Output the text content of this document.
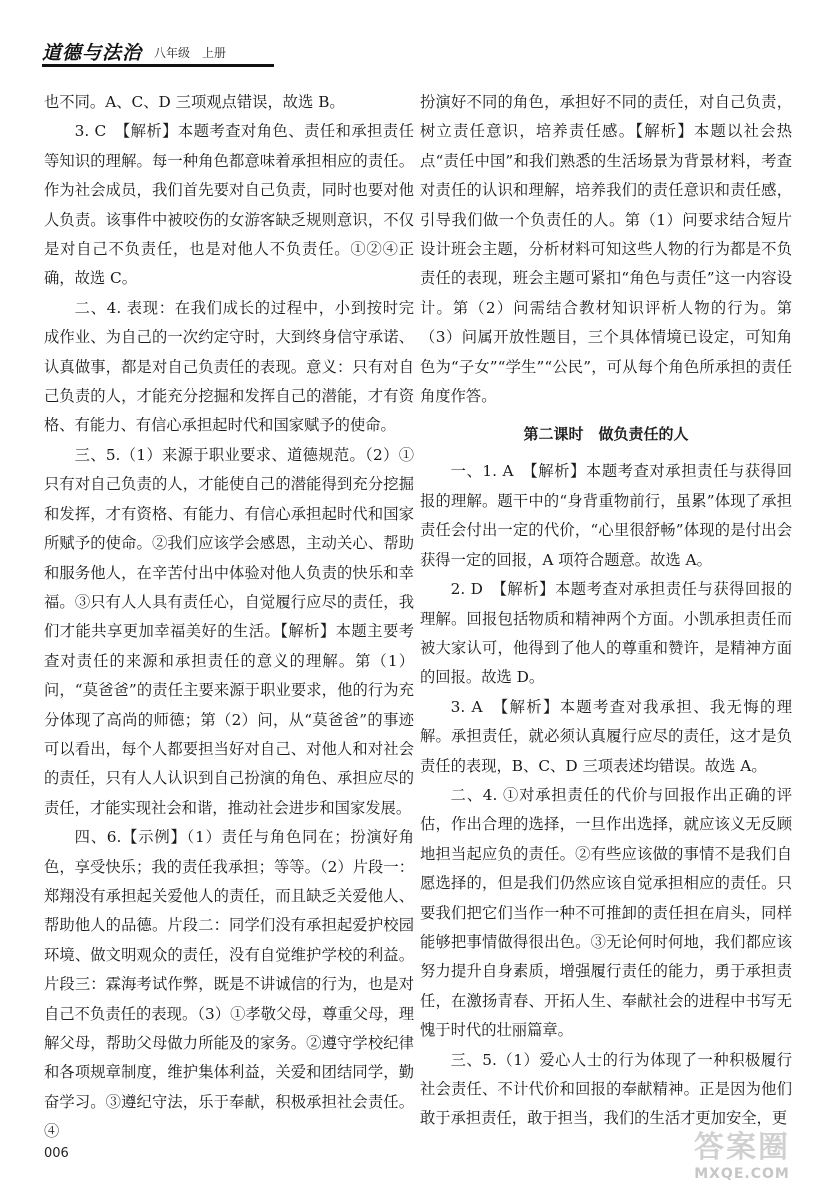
道德与法治 八年级　上册

也不同。A、C、D 三项观点错误，故选 B。

3. C　【解析】本题考查对角色、责任和承担责任等知识的理解。每一种角色都意味着承担相应的责任。作为社会成员，我们首先要对自己负责，同时也要对他人负责。该事件中被咬伤的女游客缺乏规则意识，不仅是对自己不负责任，也是对他人不负责任。①②④正确，故选 C。

二、4. 表现：在我们成长的过程中，小到按时完成作业、为自己的一次约定守时，大到终身信守承诺、认真做事，都是对自己负责任的表现。意义：只有对自己负责的人，才能充分挖掘和发挥自己的潜能，才有资格、有能力、有信心承担起时代和国家赋予的使命。

三、5.（1）来源于职业要求、道德规范。（2）①只有对自己负责的人，才能使自己的潜能得到充分挖掘和发挥，才有资格、有能力、有信心承担起时代和国家所赋予的使命。②我们应该学会感恩，主动关心、帮助和服务他人，在辛苦付出中体验对他人负责的快乐和幸福。③只有人人具有责任心，自觉履行应尽的责任，我们才能共享更加幸福美好的生活。【解析】本题主要考查对责任的来源和承担责任的意义的理解。第（1）问，“莫爸爸”的责任主要来源于职业要求，他的行为充分体现了高尚的师德；第（2）问，从“莫爸爸”的事迹可以看出，每个人都要担当好对自己、对他人和对社会的责任，只有人人认识到自己扮演的角色、承担应尽的责任，才能实现社会和谐，推动社会进步和国家发展。

四、6.【示例】（1）责任与角色同在；扮演好角色，享受快乐；我的责任我承担；等等。（2）片段一：郑翔没有承担起关爱他人的责任，而且缺乏关爱他人、帮助他人的品德。片段二：同学们没有承担起爱护校园环境、做文明观众的责任，没有自觉维护学校的利益。片段三：霖海考试作弊，既是不讲诚信的行为，也是对自己不负责任的表现。（3）①孝敬父母，尊重父母，理解父母，帮助父母做力所能及的家务。②遵守学校纪律和各项规章制度，维护集体利益，关爱和团结同学，勤奋学习。③遵纪守法，乐于奉献，积极承担社会责任。④

扮演好不同的角色，承担好不同的责任，对自己负责，树立责任意识，培养责任感。【解析】本题以社会热点“责任中国”和我们熟悉的生活场景为背景材料，考查对责任的认识和理解，培养我们的责任意识和责任感，引导我们做一个负责任的人。第（1）问要求结合短片设计班会主题，分析材料可知这些人物的行为都是不负责任的表现，班会主题可紧扣“角色与责任”这一内容设计。第（2）问需结合教材知识评析人物的行为。第（3）问属开放性题目，三个具体情境已设定，可知角色为“子女”“学生”“公民”，可从每个角色所承担的责任角度作答。

第二课时　做负责任的人

一、1. A　【解析】本题考查对承担责任与获得回报的理解。题干中的“身背重物前行，虽累”体现了承担责任会付出一定的代价，“心里很舒畅”体现的是付出会获得一定的回报，A 项符合题意。故选 A。

2. D　【解析】本题考查对承担责任与获得回报的理解。回报包括物质和精神两个方面。小凯承担责任而被大家认可，他得到了他人的尊重和赞许，是精神方面的回报。故选 D。

3. A　【解析】本题考查对我承担、我无悔的理解。承担责任，就必须认真履行应尽的责任，这才是负责任的表现，B、C、D 三项表述均错误。故选 A。

二、4. ①对承担责任的代价与回报作出正确的评估，作出合理的选择，一旦作出选择，就应该义无反顾地担当起应负的责任。②有些应该做的事情不是我们自愿选择的，但是我们仍然应该自觉承担相应的责任。只要我们把它们当作一种不可推卸的责任担在肩头，同样能够把事情做得很出色。③无论何时何地，我们都应该努力提升自身素质，增强履行责任的能力，勇于承担责任，在激扬青春、开拓人生、奉献社会的进程中书写无愧于时代的壮丽篇章。

三、5.（1）爱心人士的行为体现了一种积极履行社会责任、不计代价和回报的奉献精神。正是因为他们敢于承担责任，敢于担当，我们的生活才更加安全，更

006	答案圈
MXQE.COM
